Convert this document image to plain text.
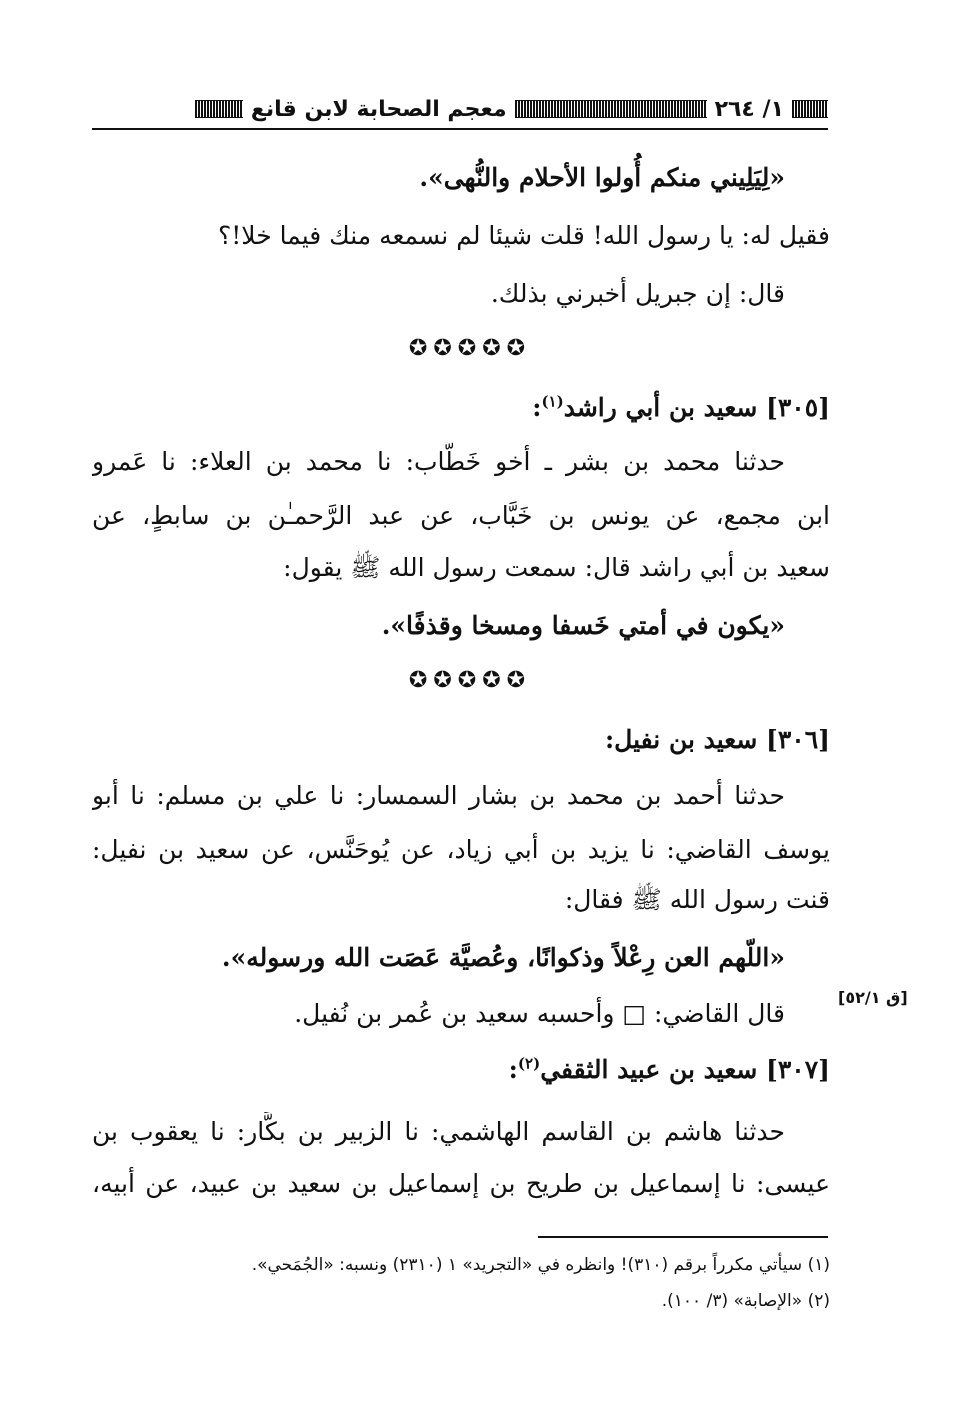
١/ ٢٦٤
معجم الصحابة لابن قانع
«لِيَلِيني منكم أُولوا الأحلام والنُّهى».
فقيل له: يا رسول الله! قلت شيئا لم نسمعه منك فيما خلا!؟
قال: إن جبريل أخبرني بذلك.
✪✪✪✪✪
[٣٠٥] سعيد بن أبي راشد$^{(١)}$:
حدثنا محمد بن بشر ـ أخو خَطَّاب: نا محمد بن العلاء: نا عَمرو
ابن مجمع، عن يونس بن خَبَّاب، عن عبد الرَّحمـٰن بن سابطٍ، عن
سعيد بن أبي راشد قال: سمعت رسول الله ﷺ يقول:
«يكون في أمتي خَسفا ومسخا وقذفًا».
✪✪✪✪✪
[٣٠٦] سعيد بن نفيل:
حدثنا أحمد بن محمد بن بشار السمسار: نا علي بن مسلم: نا أبو
يوسف القاضي: نا يزيد بن أبي زياد، عن يُوحَنَّس، عن سعيد بن نفيل:
قنت رسول الله ﷺ فقال:
«اللّهم العن رِعْلاً وذكوانًا، وعُصيَّة عَصَت الله ورسوله».
قال القاضي: □ وأحسبه سعيد بن عُمر بن نُفيل.
[ق ٥٢/١]
[٣٠٧] سعيد بن عبيد الثقفي$^{(٢)}$:
حدثنا هاشم بن القاسم الهاشمي: نا الزبير بن بكَّار: نا يعقوب بن
عيسى: نا إسماعيل بن طريح بن إسماعيل بن سعيد بن عبيد، عن أبيه،
(١) سيأتي مكرراً برقم (٣١٠)! وانظره في «التجريد» ١ (٢٣١٠) ونسبه: «الجُمَحي».
(٢) «الإصابة» (٣/ ١٠٠).
